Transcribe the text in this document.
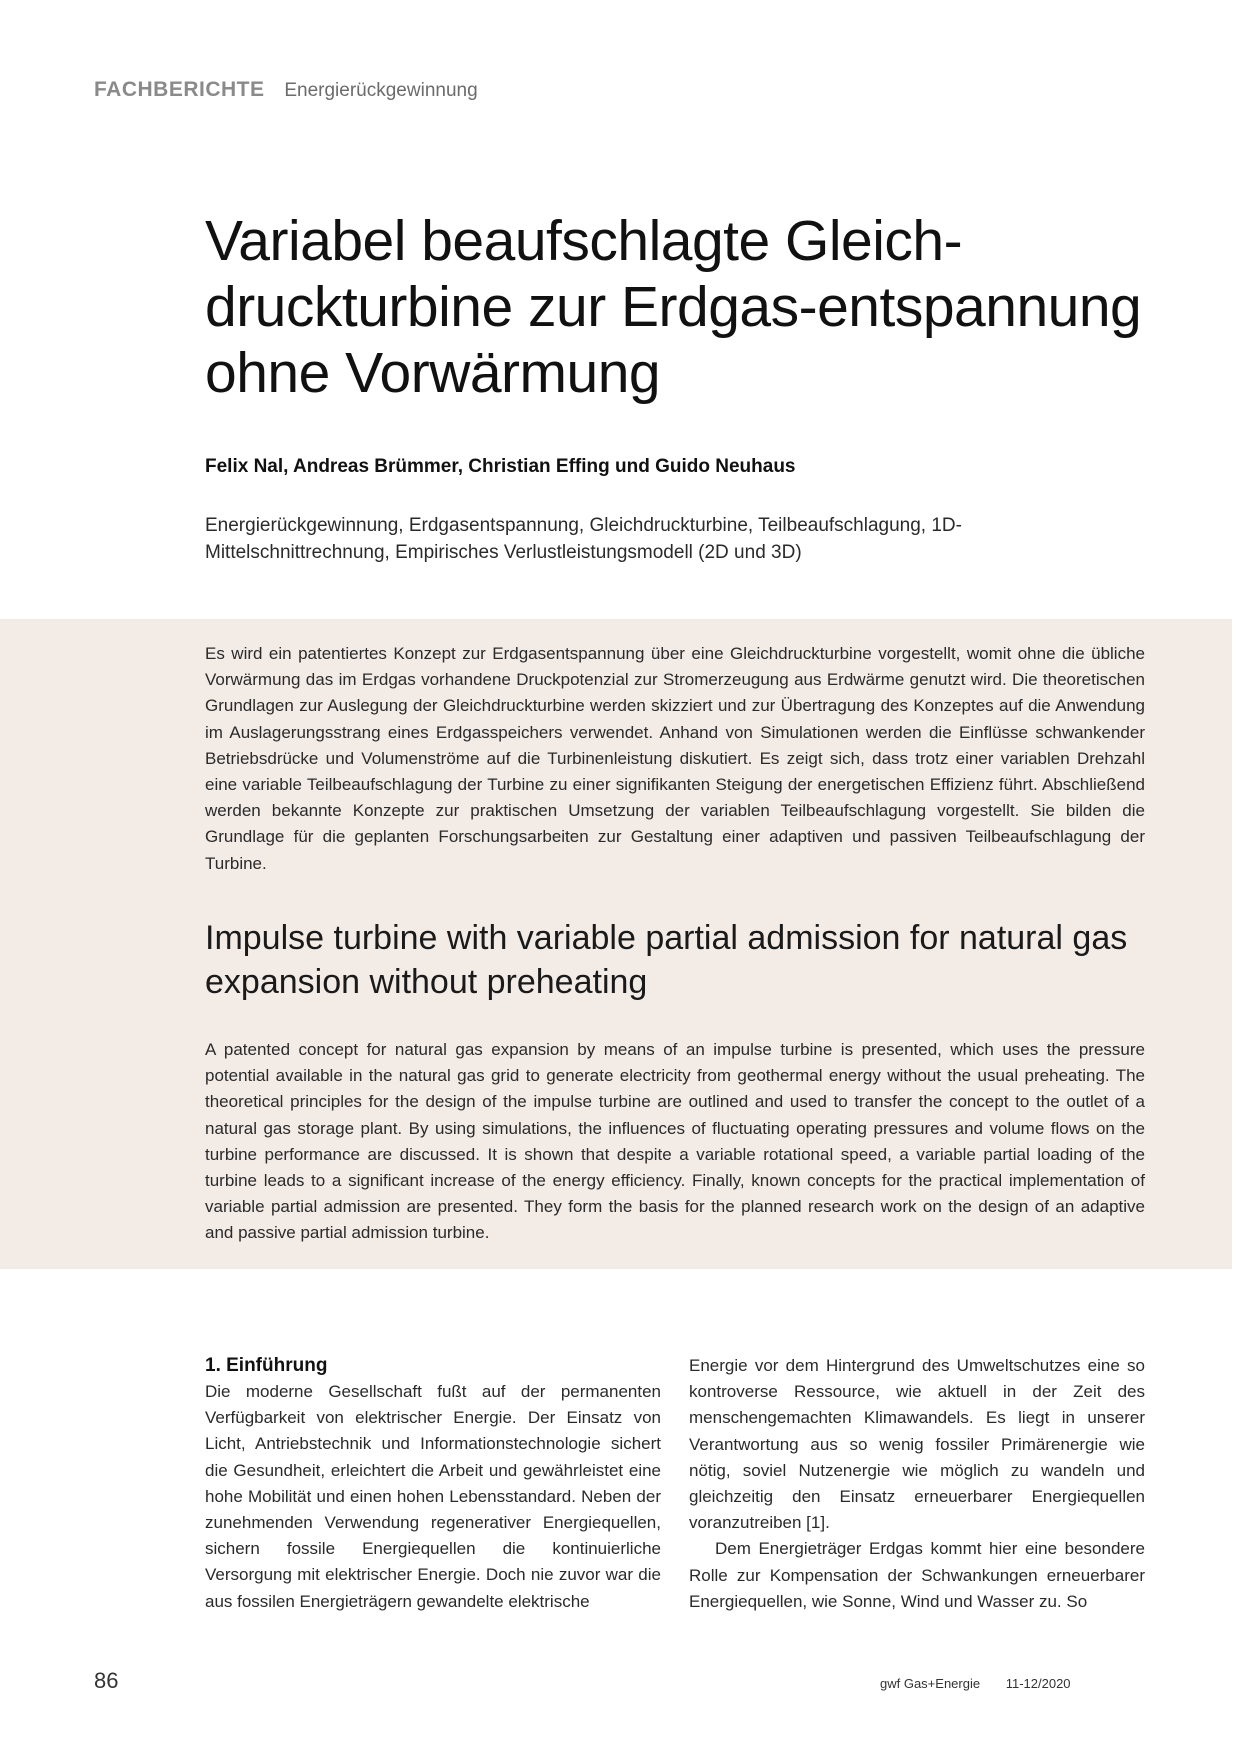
FACHBERICHTE Energierückgewinnung
Variabel beaufschlagte Gleich-druckturbine zur Erdgas-entspannung ohne Vorwärmung
Felix Nal, Andreas Brümmer, Christian Effing und Guido Neuhaus
Energierückgewinnung, Erdgasentspannung, Gleichdruckturbine, Teilbeaufschlagung, 1D-Mittelschnittrechnung, Empirisches Verlustleistungsmodell (2D und 3D)
Es wird ein patentiertes Konzept zur Erdgasentspannung über eine Gleichdruckturbine vorgestellt, womit ohne die übliche Vorwärmung das im Erdgas vorhandene Druckpotenzial zur Stromerzeugung aus Erdwärme genutzt wird. Die theoretischen Grundlagen zur Auslegung der Gleichdruckturbine werden skizziert und zur Übertragung des Konzeptes auf die Anwendung im Auslagerungsstrang eines Erdgasspeichers verwendet. Anhand von Simulationen werden die Einflüsse schwankender Betriebsdrücke und Volumenströme auf die Turbinenleistung diskutiert. Es zeigt sich, dass trotz einer variablen Drehzahl eine variable Teilbeaufschlagung der Turbine zu einer signifikanten Steigung der energetischen Effizienz führt. Abschließend werden bekannte Konzepte zur praktischen Umsetzung der variablen Teilbeaufschlagung vorgestellt. Sie bilden die Grundlage für die geplanten Forschungsarbeiten zur Gestaltung einer adaptiven und passiven Teilbeaufschlagung der Turbine.
Impulse turbine with variable partial admission for natural gas expansion without preheating
A patented concept for natural gas expansion by means of an impulse turbine is presented, which uses the pressure potential available in the natural gas grid to generate electricity from geothermal energy without the usual preheating. The theoretical principles for the design of the impulse turbine are outlined and used to transfer the concept to the outlet of a natural gas storage plant. By using simulations, the influences of fluctuating operating pressures and volume flows on the turbine performance are discussed. It is shown that despite a variable rotational speed, a variable partial loading of the turbine leads to a significant increase of the energy efficiency. Finally, known concepts for the practical implementation of variable partial admission are presented. They form the basis for the planned research work on the design of an adaptive and passive partial admission turbine.
1. Einführung

Die moderne Gesellschaft fußt auf der permanenten Verfügbarkeit von elektrischer Energie. Der Einsatz von Licht, Antriebstechnik und Informationstechnologie sichert die Gesundheit, erleichtert die Arbeit und gewährleistet eine hohe Mobilität und einen hohen Lebensstandard. Neben der zunehmenden Verwendung regenerativer Energiequellen, sichern fossile Energiequellen die kontinuierliche Versorgung mit elektrischer Energie. Doch nie zuvor war die aus fossilen Energieträgern gewandelte elektrische

Energie vor dem Hintergrund des Umweltschutzes eine so kontroverse Ressource, wie aktuell in der Zeit des menschengemachten Klimawandels. Es liegt in unserer Verantwortung aus so wenig fossiler Primärenergie wie nötig, soviel Nutzenergie wie möglich zu wandeln und gleichzeitig den Einsatz erneuerbarer Energiequellen voranzutreiben [1].

Dem Energieträger Erdgas kommt hier eine besondere Rolle zur Kompensation der Schwankungen erneuerbarer Energiequellen, wie Sonne, Wind und Wasser zu. So

86	gwf Gas+Energie 11-12/2020
